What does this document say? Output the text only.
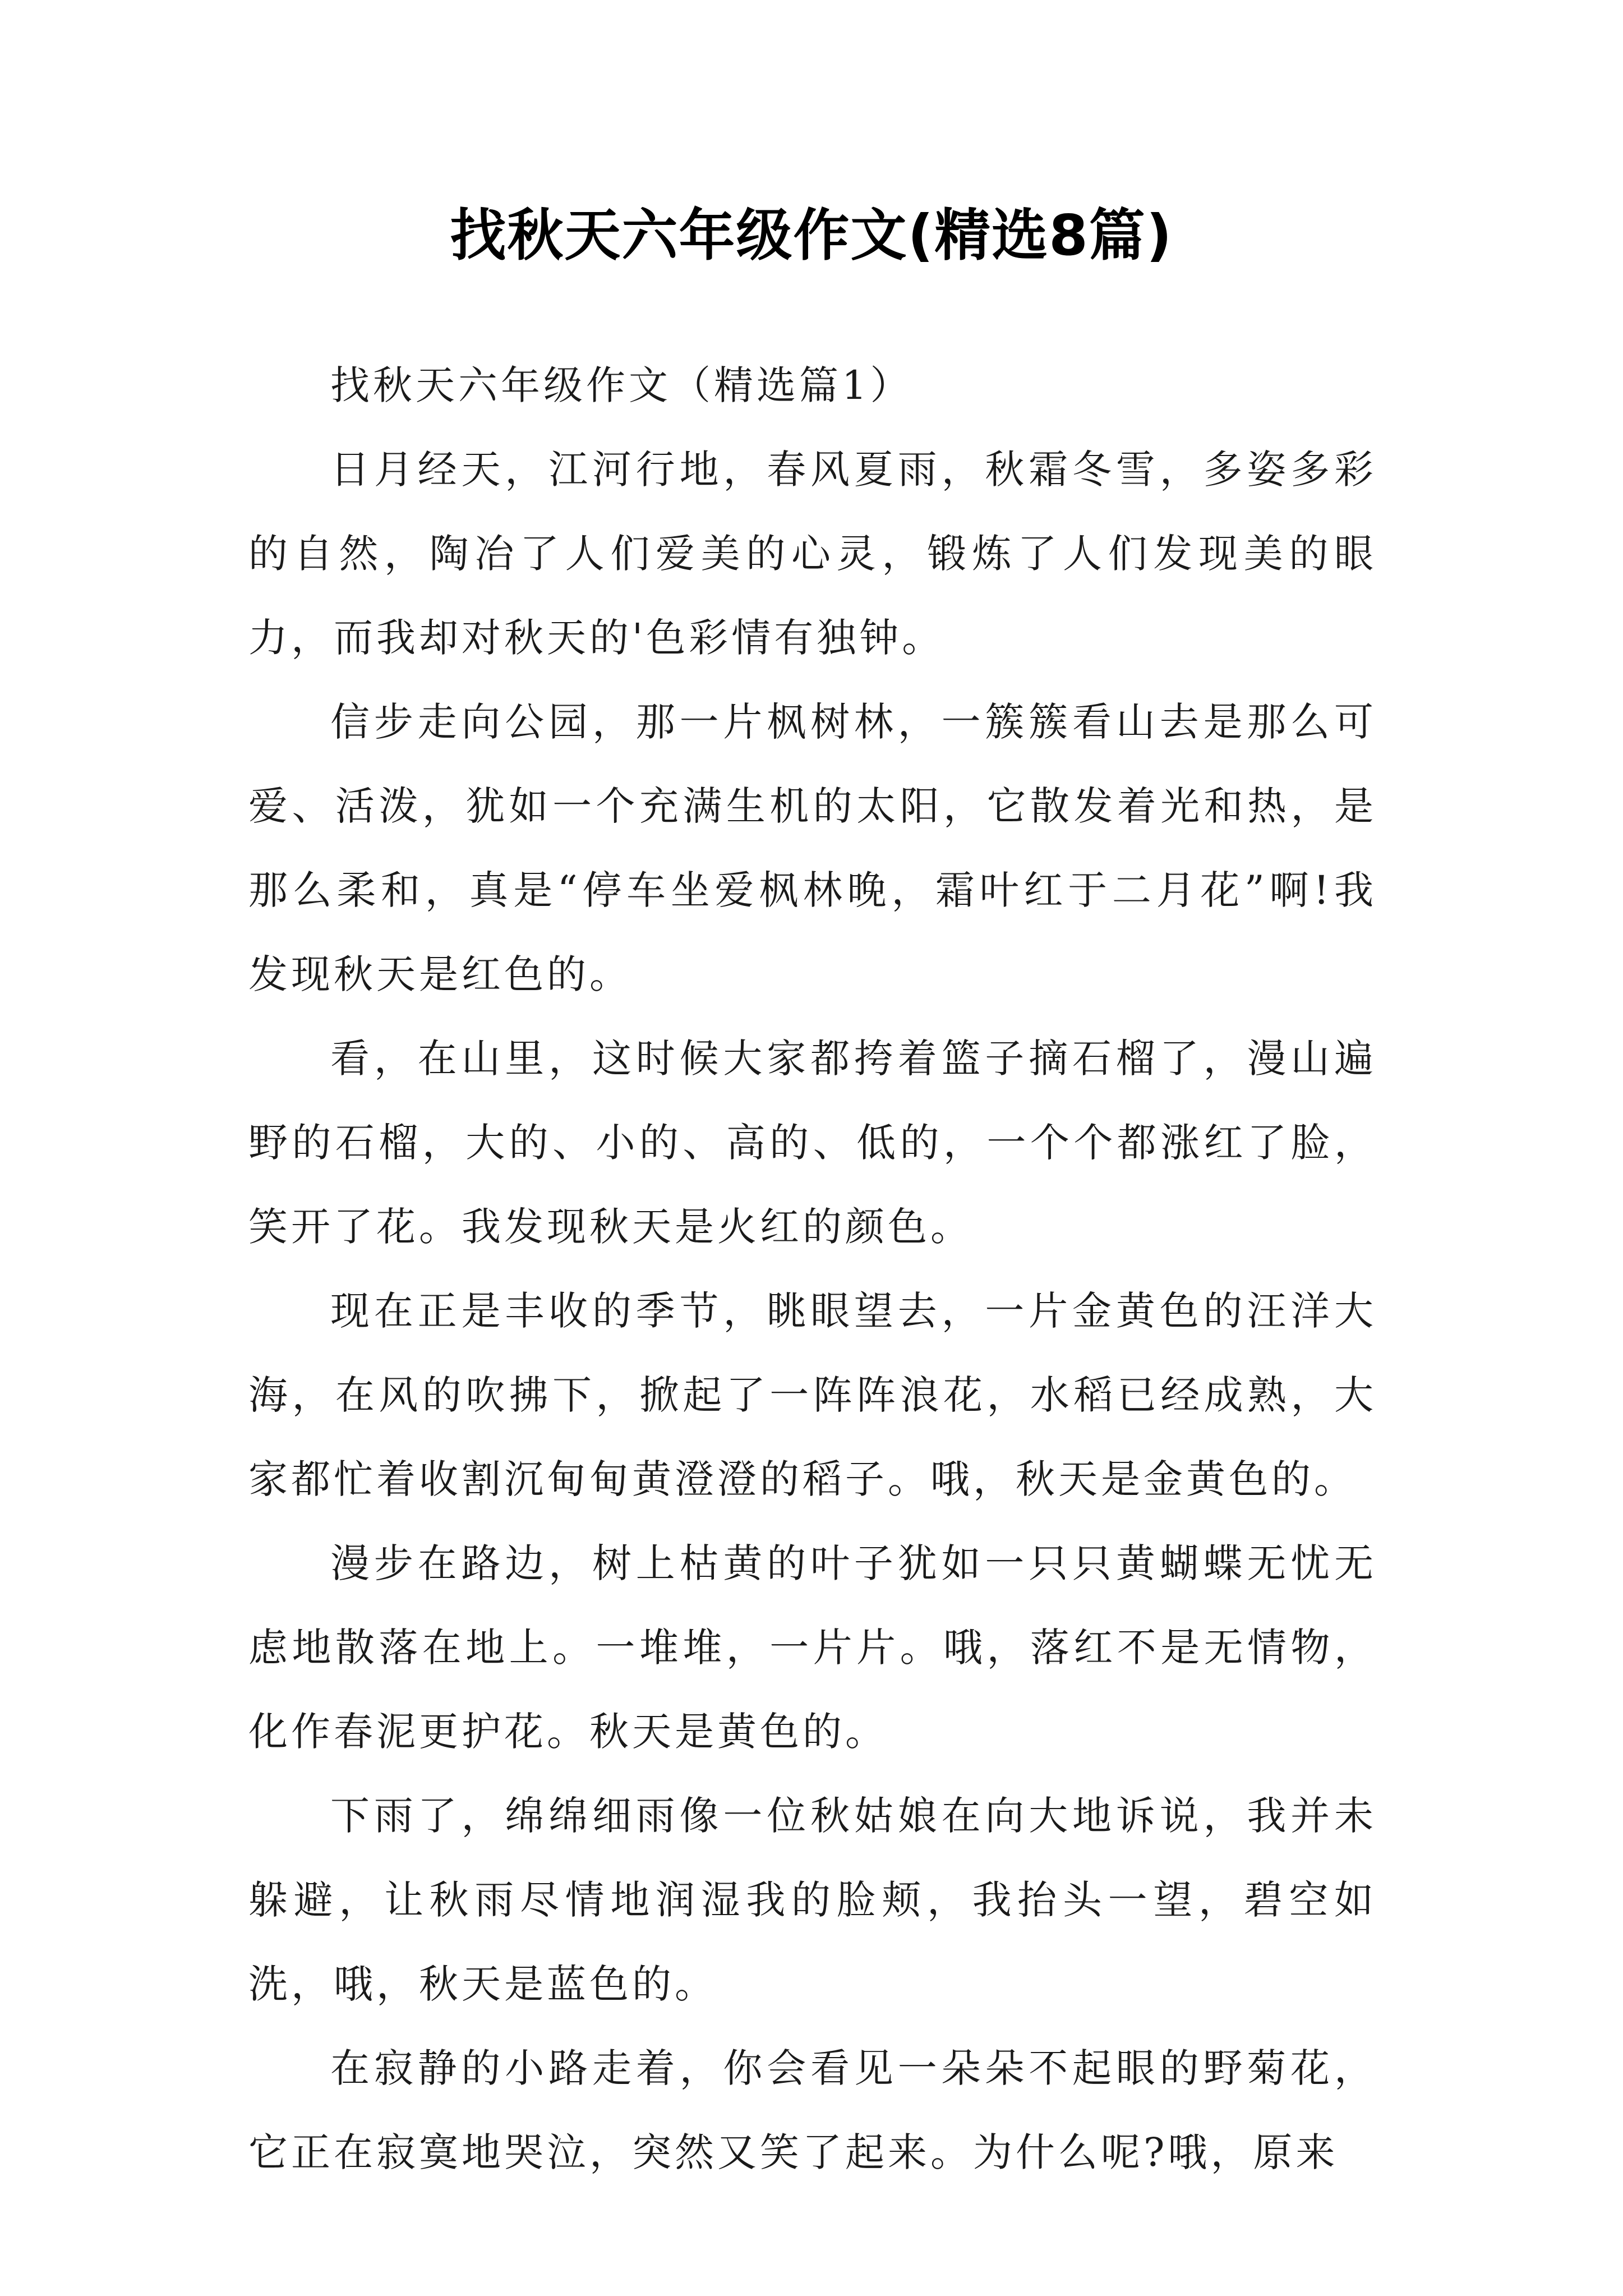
找秋天六年级作文(精选8篇)

找秋天六年级作文（精选篇1）

日月经天，江河行地，春风夏雨，秋霜冬雪，多姿多彩的自然，陶冶了人们爱美的心灵，锻炼了人们发现美的眼力，而我却对秋天的'色彩情有独钟。

信步走向公园，那一片枫树林，一簇簇看山去是那么可爱、活泼，犹如一个充满生机的太阳，它散发着光和热，是那么柔和，真是“停车坐爱枫林晚，霜叶红于二月花”啊!我发现秋天是红色的。

看，在山里，这时候大家都挎着篮子摘石榴了，漫山遍野的石榴，大的、小的、高的、低的，一个个都涨红了脸，笑开了花。我发现秋天是火红的颜色。

现在正是丰收的季节，眺眼望去，一片金黄色的汪洋大海，在风的吹拂下，掀起了一阵阵浪花，水稻已经成熟，大家都忙着收割沉甸甸黄澄澄的稻子。哦，秋天是金黄色的。

漫步在路边，树上枯黄的叶子犹如一只只黄蝴蝶无忧无虑地散落在地上。一堆堆，一片片。哦，落红不是无情物，化作春泥更护花。秋天是黄色的。

下雨了，绵绵细雨像一位秋姑娘在向大地诉说，我并未躲避，让秋雨尽情地润湿我的脸颊，我抬头一望，碧空如洗，哦，秋天是蓝色的。

在寂静的小路走着，你会看见一朵朵不起眼的野菊花，它正在寂寞地哭泣，突然又笑了起来。为什么呢?哦，原来
